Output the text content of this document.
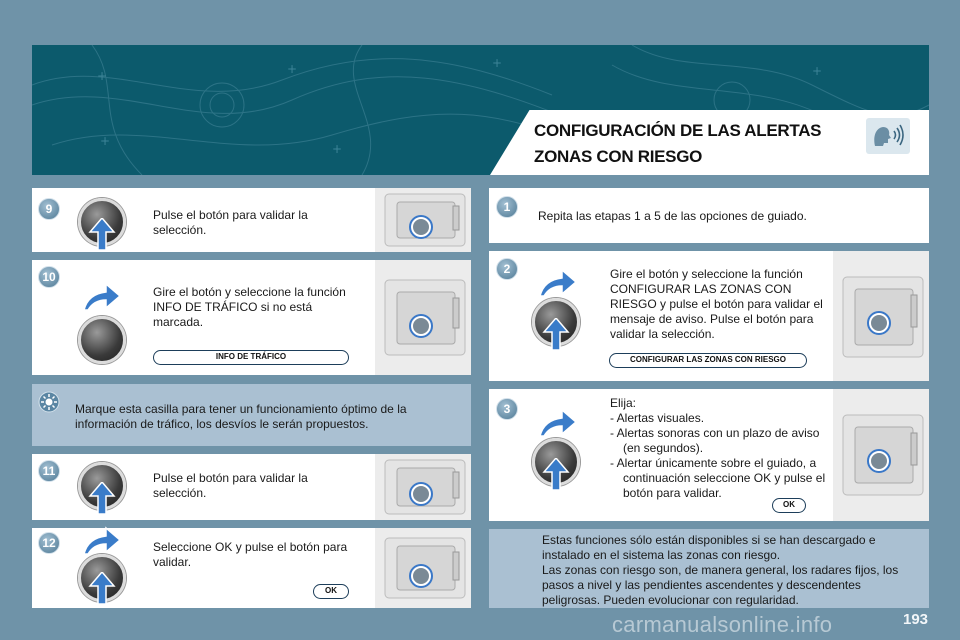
+	+
+
+
+
+
CONFIGURACIÓN DE LAS ALERTAS
ZONAS CON RIESGO
9	Pulse el botón para validar la selección.
10
Gire el botón y seleccione la función INFO DE TRÁFICO si no está marcada.
INFO DE TRÁFICO
Marque esta casilla para tener un funcionamiento óptimo de la información de tráfico, los desvíos le serán propuestos.
11	Pulse el botón para validar la selección.
12	Seleccione OK y pulse el botón para validar.
OK
1
Repita las etapas 1 a 5 de las opciones de guiado.
2	Gire el botón y seleccione la función CONFIGURAR LAS ZONAS CON RIESGO y pulse el botón para validar el mensaje de aviso. Pulse el botón para validar la selección.
CONFIGURAR LAS ZONAS CON RIESGO
3	Elija:
- Alertas visuales.
- Alertas sonoras con un plazo de aviso (en segundos).
- Alertar únicamente sobre el guiado, a continuación seleccione OK y pulse el botón para validar.
OK
Estas funciones sólo están disponibles si se han descargado e instalado en el sistema las zonas con riesgo.
Las zonas con riesgo son, de manera general, los radares fijos, los pasos a nivel y las pendientes ascendentes y descendentes peligrosas. Pueden evolucionar con regularidad.
carmanualsonline.info	193
